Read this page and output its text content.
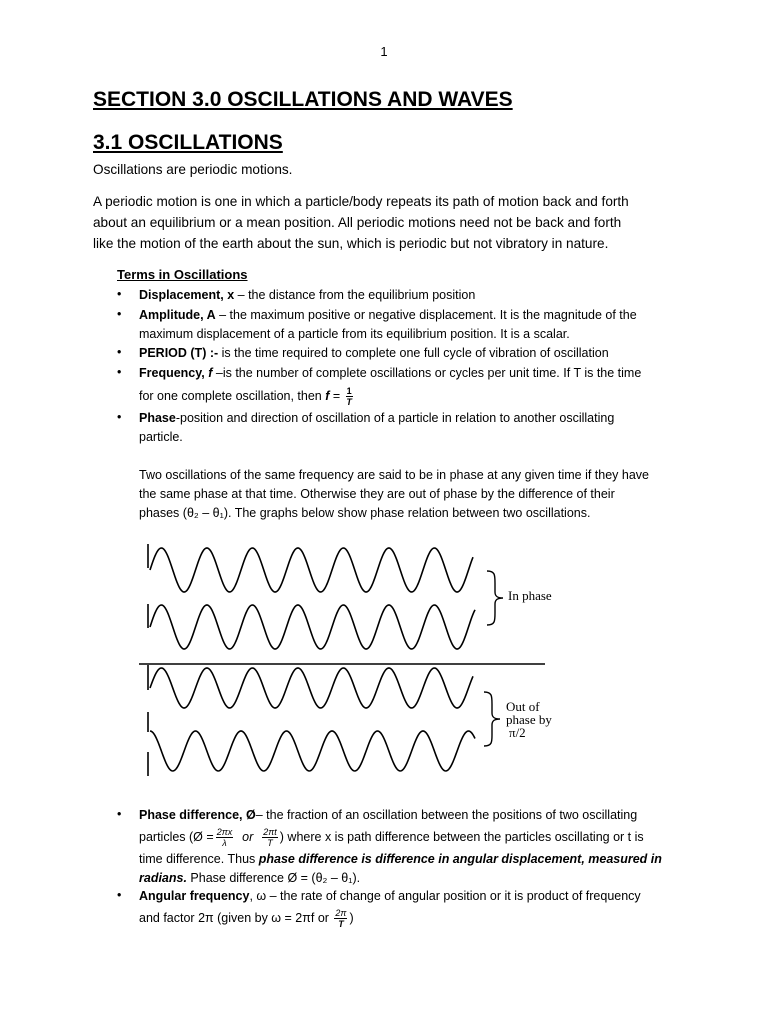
1
SECTION 3.0 OSCILLATIONS AND WAVES
3.1 OSCILLATIONS
Oscillations are periodic motions.
A periodic motion is one in which a particle/body repeats its path of motion back and forth
about an equilibrium or a mean position. All periodic motions need not be back and forth
like the motion of the earth about the sun, which is periodic but not vibratory in nature.
Terms in Oscillations
• Displacement, x – the distance from the equilibrium position
• Amplitude, A – the maximum positive or negative displacement. It is the magnitude of the
maximum displacement of a particle from its equilibrium position. It is a scalar.
• PERIOD (T) :- is the time required to complete one full cycle of vibration of oscillation
• Frequency, f –is the number of complete oscillations or cycles per unit time. If T is the time
for one complete oscillation, then $f = \frac{1}{T}$
• Phase-position and direction of oscillation of a particle in relation to another oscillating
particle.
Two oscillations of the same frequency are said to be in phase at any given time if they have
the same phase at that time. Otherwise they are out of phase by the difference of their
phases (θ₂ – θ₁). The graphs below show phase relation between two oscillations.
In phase
Out of
phase by
π/2
• Phase difference, Ø– the fraction of an oscillation between the positions of two oscillating
particles (Ø = $\frac{2\pi x}{\lambda}$ or $\frac{2\pi t}{T}$ ) where x is path difference between the particles oscillating or t is
time difference. Thus phase difference is difference in angular displacement, measured in
radians. Phase difference Ø = (θ₂ – θ₁).
• Angular frequency, ω – the rate of change of angular position or it is product of frequency
and factor 2π (given by ω = 2πf or $\frac{2\pi}{T}$ )
